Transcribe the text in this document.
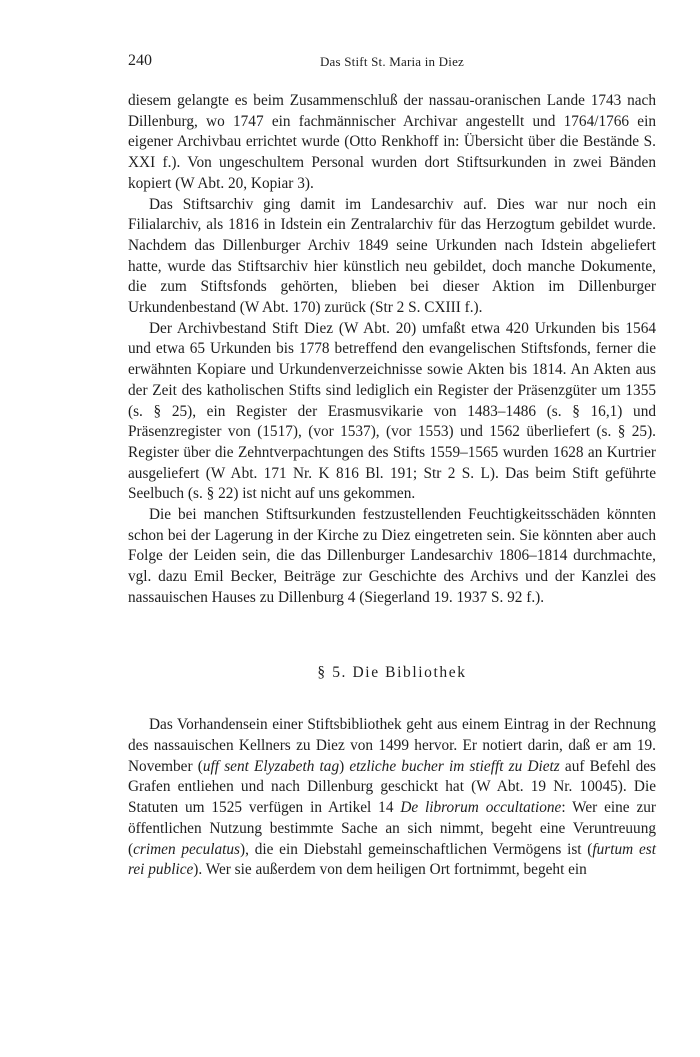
240	Das Stift St. Maria in Diez

diesem gelangte es beim Zusammenschluß der nassau-oranischen Lande 1743 nach Dillenburg, wo 1747 ein fachmännischer Archivar angestellt und 1764/1766 ein eigener Archivbau errichtet wurde (Otto Renkhoff in: Übersicht über die Bestände S. XXI f.). Von ungeschultem Personal wurden dort Stiftsurkunden in zwei Bänden kopiert (W Abt. 20, Kopiar 3).

Das Stiftsarchiv ging damit im Landesarchiv auf. Dies war nur noch ein Filialarchiv, als 1816 in Idstein ein Zentralarchiv für das Herzogtum gebildet wurde. Nachdem das Dillenburger Archiv 1849 seine Urkunden nach Idstein abgeliefert hatte, wurde das Stiftsarchiv hier künstlich neu gebildet, doch manche Dokumente, die zum Stiftsfonds gehörten, blieben bei dieser Aktion im Dillenburger Urkundenbestand (W Abt. 170) zurück (Str 2 S. CXIII f.).

Der Archivbestand Stift Diez (W Abt. 20) umfaßt etwa 420 Urkunden bis 1564 und etwa 65 Urkunden bis 1778 betreffend den evangelischen Stiftsfonds, ferner die erwähnten Kopiare und Urkundenverzeichnisse sowie Akten bis 1814. An Akten aus der Zeit des katholischen Stifts sind lediglich ein Register der Präsenzgüter um 1355 (s. § 25), ein Register der Erasmusvikarie von 1483–1486 (s. § 16,1) und Präsenzregister von (1517), (vor 1537), (vor 1553) und 1562 überliefert (s. § 25). Register über die Zehntverpachtungen des Stifts 1559–1565 wurden 1628 an Kurtrier ausgeliefert (W Abt. 171 Nr. K 816 Bl. 191; Str 2 S. L). Das beim Stift geführte Seelbuch (s. § 22) ist nicht auf uns gekommen.

Die bei manchen Stiftsurkunden festzustellenden Feuchtigkeitsschäden könnten schon bei der Lagerung in der Kirche zu Diez eingetreten sein. Sie könnten aber auch Folge der Leiden sein, die das Dillenburger Landesarchiv 1806–1814 durchmachte, vgl. dazu Emil Becker, Beiträge zur Geschichte des Archivs und der Kanzlei des nassauischen Hauses zu Dillenburg 4 (Siegerland 19. 1937 S. 92 f.).

§ 5. Die Bibliothek

Das Vorhandensein einer Stiftsbibliothek geht aus einem Eintrag in der Rechnung des nassauischen Kellners zu Diez von 1499 hervor. Er notiert darin, daß er am 19. November (uff sent Elyzabeth tag) etzliche bucher im stiefft zu Dietz auf Befehl des Grafen entliehen und nach Dillenburg geschickt hat (W Abt. 19 Nr. 10045). Die Statuten um 1525 verfügen in Artikel 14 De librorum occultatione: Wer eine zur öffentlichen Nutzung bestimmte Sache an sich nimmt, begeht eine Veruntreuung (crimen peculatus), die ein Diebstahl gemeinschaftlichen Vermögens ist (furtum est rei publice). Wer sie außerdem von dem heiligen Ort fortnimmt, begeht ein
